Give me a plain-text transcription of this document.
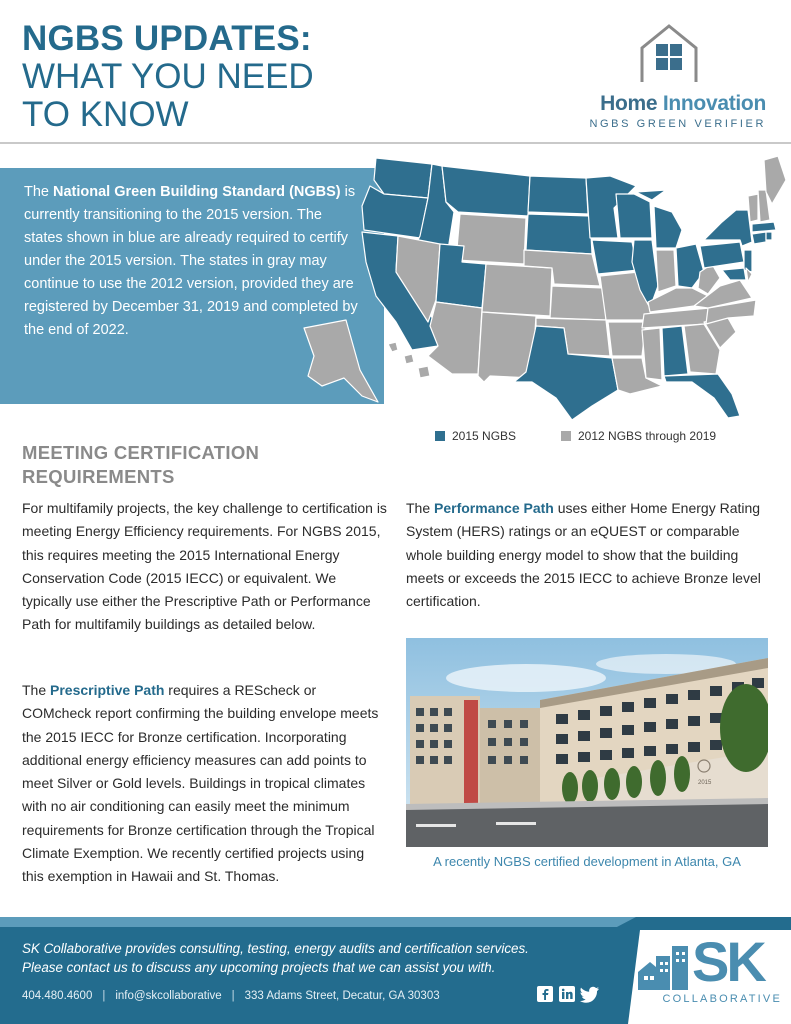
NGBS UPDATES:
WHAT YOU NEED
TO KNOW	Home Innovation
NGBS GREEN VERIFIER
The National Green Building Standard (NGBS) is currently transitioning to the 2015 version. The states shown in blue are already required to certify under the 2015 version. The states in gray may continue to use the 2012 version, provided they are registered by December 31, 2019 and completed by the end of 2022.
2015 NGBS	2012 NGBS through 2019
MEETING CERTIFICATION REQUIREMENTS
For multifamily projects, the key challenge to certification is meeting Energy Efficiency requirements. For NGBS 2015, this requires meeting the 2015 International Energy Conservation Code (2015 IECC) or equivalent. We typically use either the Prescriptive Path or Performance Path for multifamily buildings as detailed below.
The Prescriptive Path requires a REScheck or COMcheck report confirming the building envelope meets the 2015 IECC for Bronze certification. Incorporating additional energy efficiency measures can add points to meet Silver or Gold levels. Buildings in tropical climates with no air conditioning can easily meet the minimum requirements for Bronze certification through the Tropical Climate Exemption. We recently certified projects using this exemption in Hawaii and St. Thomas.
The Performance Path uses either Home Energy Rating System (HERS) ratings or an eQUEST or comparable whole building energy model to show that the building meets or exceeds the 2015 IECC to achieve Bronze level certification.
2015
A recently NGBS certified development in Atlanta, GA
SK Collaborative provides consulting, testing, energy audits and certification services.
Please contact us to discuss any upcoming projects that we can assist you with.
404.480.4600 | info@skcollaborative | 333 Adams Street, Decatur, GA 30303
SK
COLLABORATIVE
